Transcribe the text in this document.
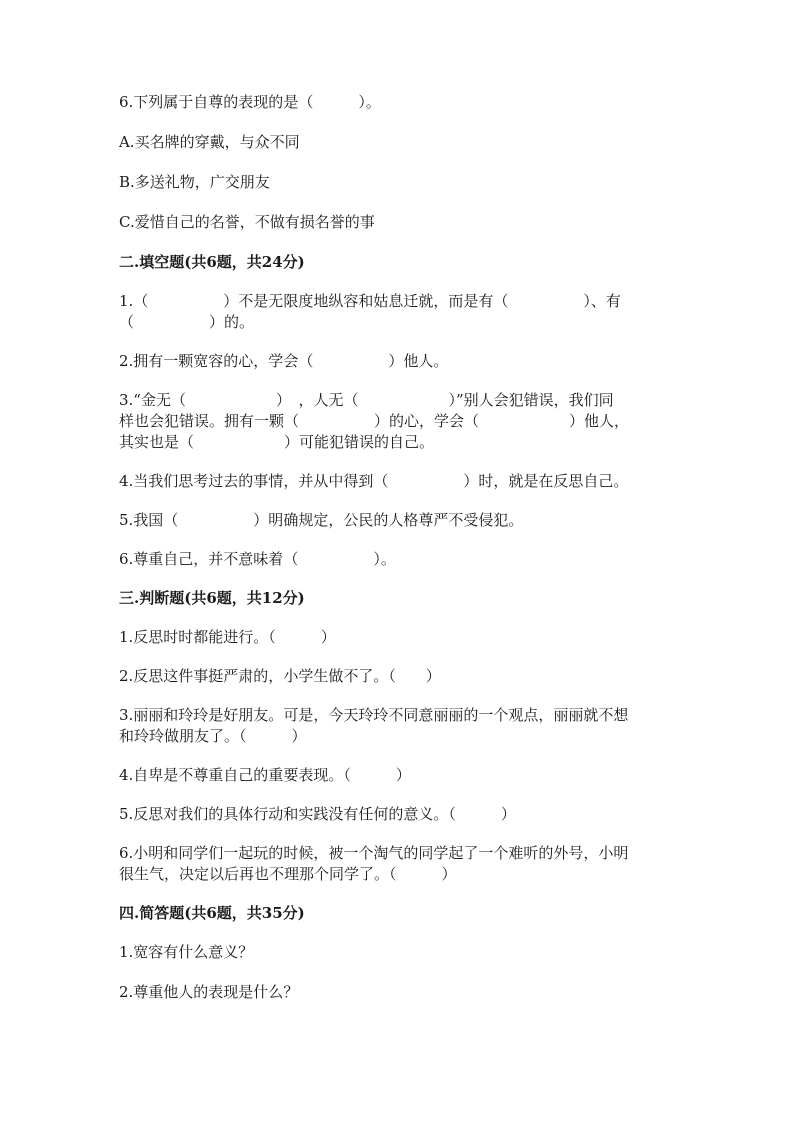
6.下列属于自尊的表现的是（　　　）。

A.买名牌的穿戴，与众不同

B.多送礼物，广交朋友

C.爱惜自己的名誉，不做有损名誉的事

二.填空题(共6题，共24分)

1.（　　　　　）不是无限度地纵容和姑息迁就，而是有（　　　　　）、有

（　　　　　）的。

2.拥有一颗宽容的心，学会（　　　　　）他人。

3.“金无（　　　　　　）　，人无（　　　　　　）”别人会犯错误，我们同

样也会犯错误。拥有一颗（　　　　　）的心，学会（　　　　　　）他人，

其实也是（　　　　　　）可能犯错误的自己。

4.当我们思考过去的事情，并从中得到（　　　　　）时，就是在反思自己。

5.我国（　　　　　）明确规定，公民的人格尊严不受侵犯。

6.尊重自己，并不意味着（　　　　　）。

三.判断题(共6题，共12分)

1.反思时时都能进行。（　　　）

2.反思这件事挺严肃的，小学生做不了。（　　）

3.丽丽和玲玲是好朋友。可是，今天玲玲不同意丽丽的一个观点，丽丽就不想

和玲玲做朋友了。（　　　）

4.自卑是不尊重自己的重要表现。（　　　）

5.反思对我们的具体行动和实践没有任何的意义。（　　　）

6.小明和同学们一起玩的时候，被一个淘气的同学起了一个难听的外号，小明

很生气，决定以后再也不理那个同学了。（　　　）

四.简答题(共6题，共35分)

1.宽容有什么意义？

2.尊重他人的表现是什么？
